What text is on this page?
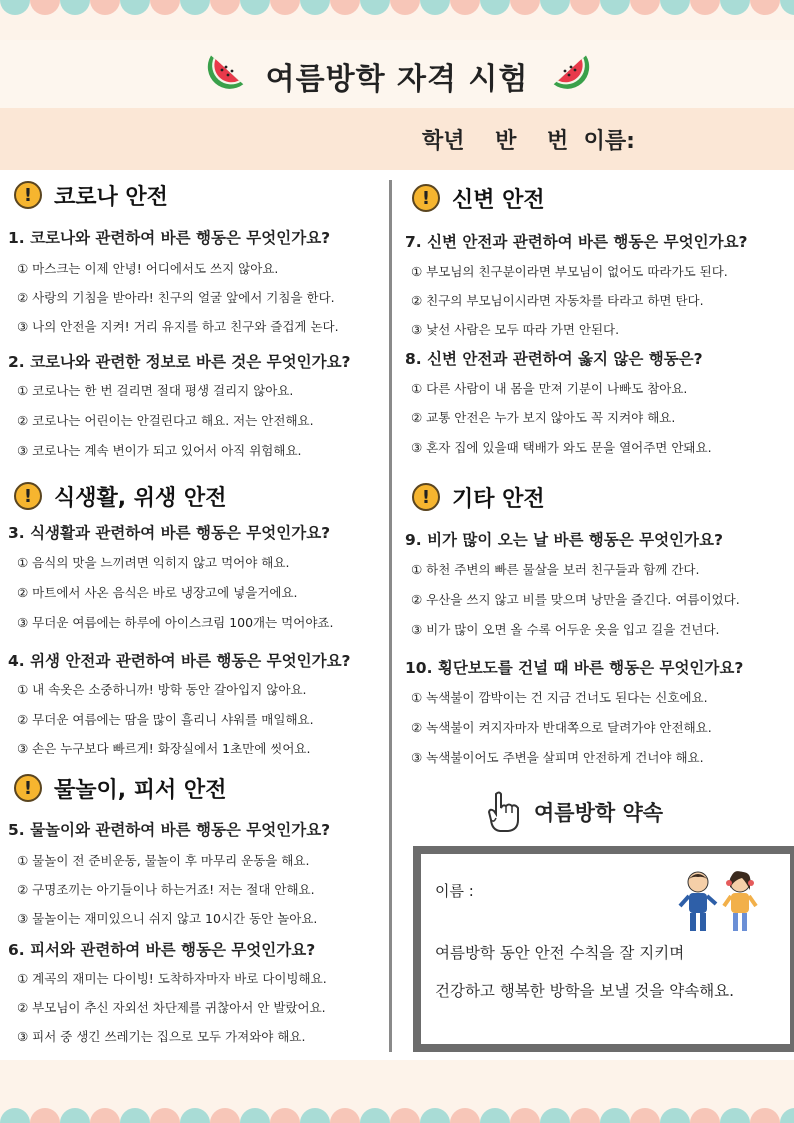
여름방학 자격 시험
학년    반    번  이름:
! 코로나 안전
1. 코로나와 관련하여 바른 행동은 무엇인가요?
① 마스크는 이제 안녕! 어디에서도 쓰지 않아요.
② 사랑의 기침을 받아라! 친구의 얼굴 앞에서 기침을 한다.
③ 나의 안전을 지켜! 거리 유지를 하고 친구와 즐겁게 논다.
2. 코로나와 관련한 정보로 바른 것은 무엇인가요?
① 코로나는 한 번 걸리면 절대 평생 걸리지 않아요.
② 코로나는 어린이는 안걸린다고 해요. 저는 안전해요.
③ 코로나는 계속 변이가 되고 있어서 아직 위험해요.
! 식생활, 위생 안전
3. 식생활과 관련하여 바른 행동은 무엇인가요?
① 음식의 맛을 느끼려면 익히지 않고 먹어야 해요.
② 마트에서 사온 음식은 바로 냉장고에 넣을거에요.
③ 무더운 여름에는 하루에 아이스크림 100개는 먹어야죠.
4. 위생 안전과 관련하여 바른 행동은 무엇인가요?
① 내 속옷은 소중하니까! 방학 동안 갈아입지 않아요.
② 무더운 여름에는 땀을 많이 흘리니 샤워를 매일해요.
③ 손은 누구보다 빠르게! 화장실에서 1초만에 씻어요.
! 물놀이, 피서 안전
5. 물놀이와 관련하여 바른 행동은 무엇인가요?
① 물놀이 전 준비운동, 물놀이 후 마무리 운동을 해요.
② 구명조끼는 아기들이나 하는거죠! 저는 절대 안해요.
③ 물놀이는 재미있으니 쉬지 않고 10시간 동안 놀아요.
6. 피서와 관련하여 바른 행동은 무엇인가요?
① 계곡의 재미는 다이빙! 도착하자마자 바로 다이빙해요.
② 부모님이 추신 자외선 차단제를 귀찮아서 안 발랐어요.
③ 피서 중 생긴 쓰레기는 집으로 모두 가져와야 해요.
! 신변 안전
7. 신변 안전과 관련하여 바른 행동은 무엇인가요?
① 부모님의 친구분이라면 부모님이 없어도 따라가도 된다.
② 친구의 부모님이시라면 자동차를 타라고 하면 탄다.
③ 낯선 사람은 모두 따라 가면 안된다.
8. 신변 안전과 관련하여 옳지 않은 행동은?
① 다른 사람이 내 몸을 만져 기분이 나빠도 참아요.
② 교통 안전은 누가 보지 않아도 꼭 지켜야 해요.
③ 혼자 집에 있을때 택배가 와도 문을 열어주면 안돼요.
! 기타 안전
9. 비가 많이 오는 날 바른 행동은 무엇인가요?
① 하천 주변의 빠른 물살을 보러 친구들과 함께 간다.
② 우산을 쓰지 않고 비를 맞으며 낭만을 즐긴다. 여름이었다.
③ 비가 많이 오면 올 수록 어두운 옷을 입고 길을 건넌다.
10. 횡단보도를 건널 때 바른 행동은 무엇인가요?
① 녹색불이 깜박이는 건 지금 건너도 된다는 신호에요.
② 녹색불이 켜지자마자 반대쪽으로 달려가야 안전해요.
③ 녹색불이어도 주변을 살피며 안전하게 건너야 해요.
여름방학 약속
이름 :
여름방학 동안 안전 수칙을 잘 지키며
건강하고 행복한 방학을 보낼 것을 약속해요.
